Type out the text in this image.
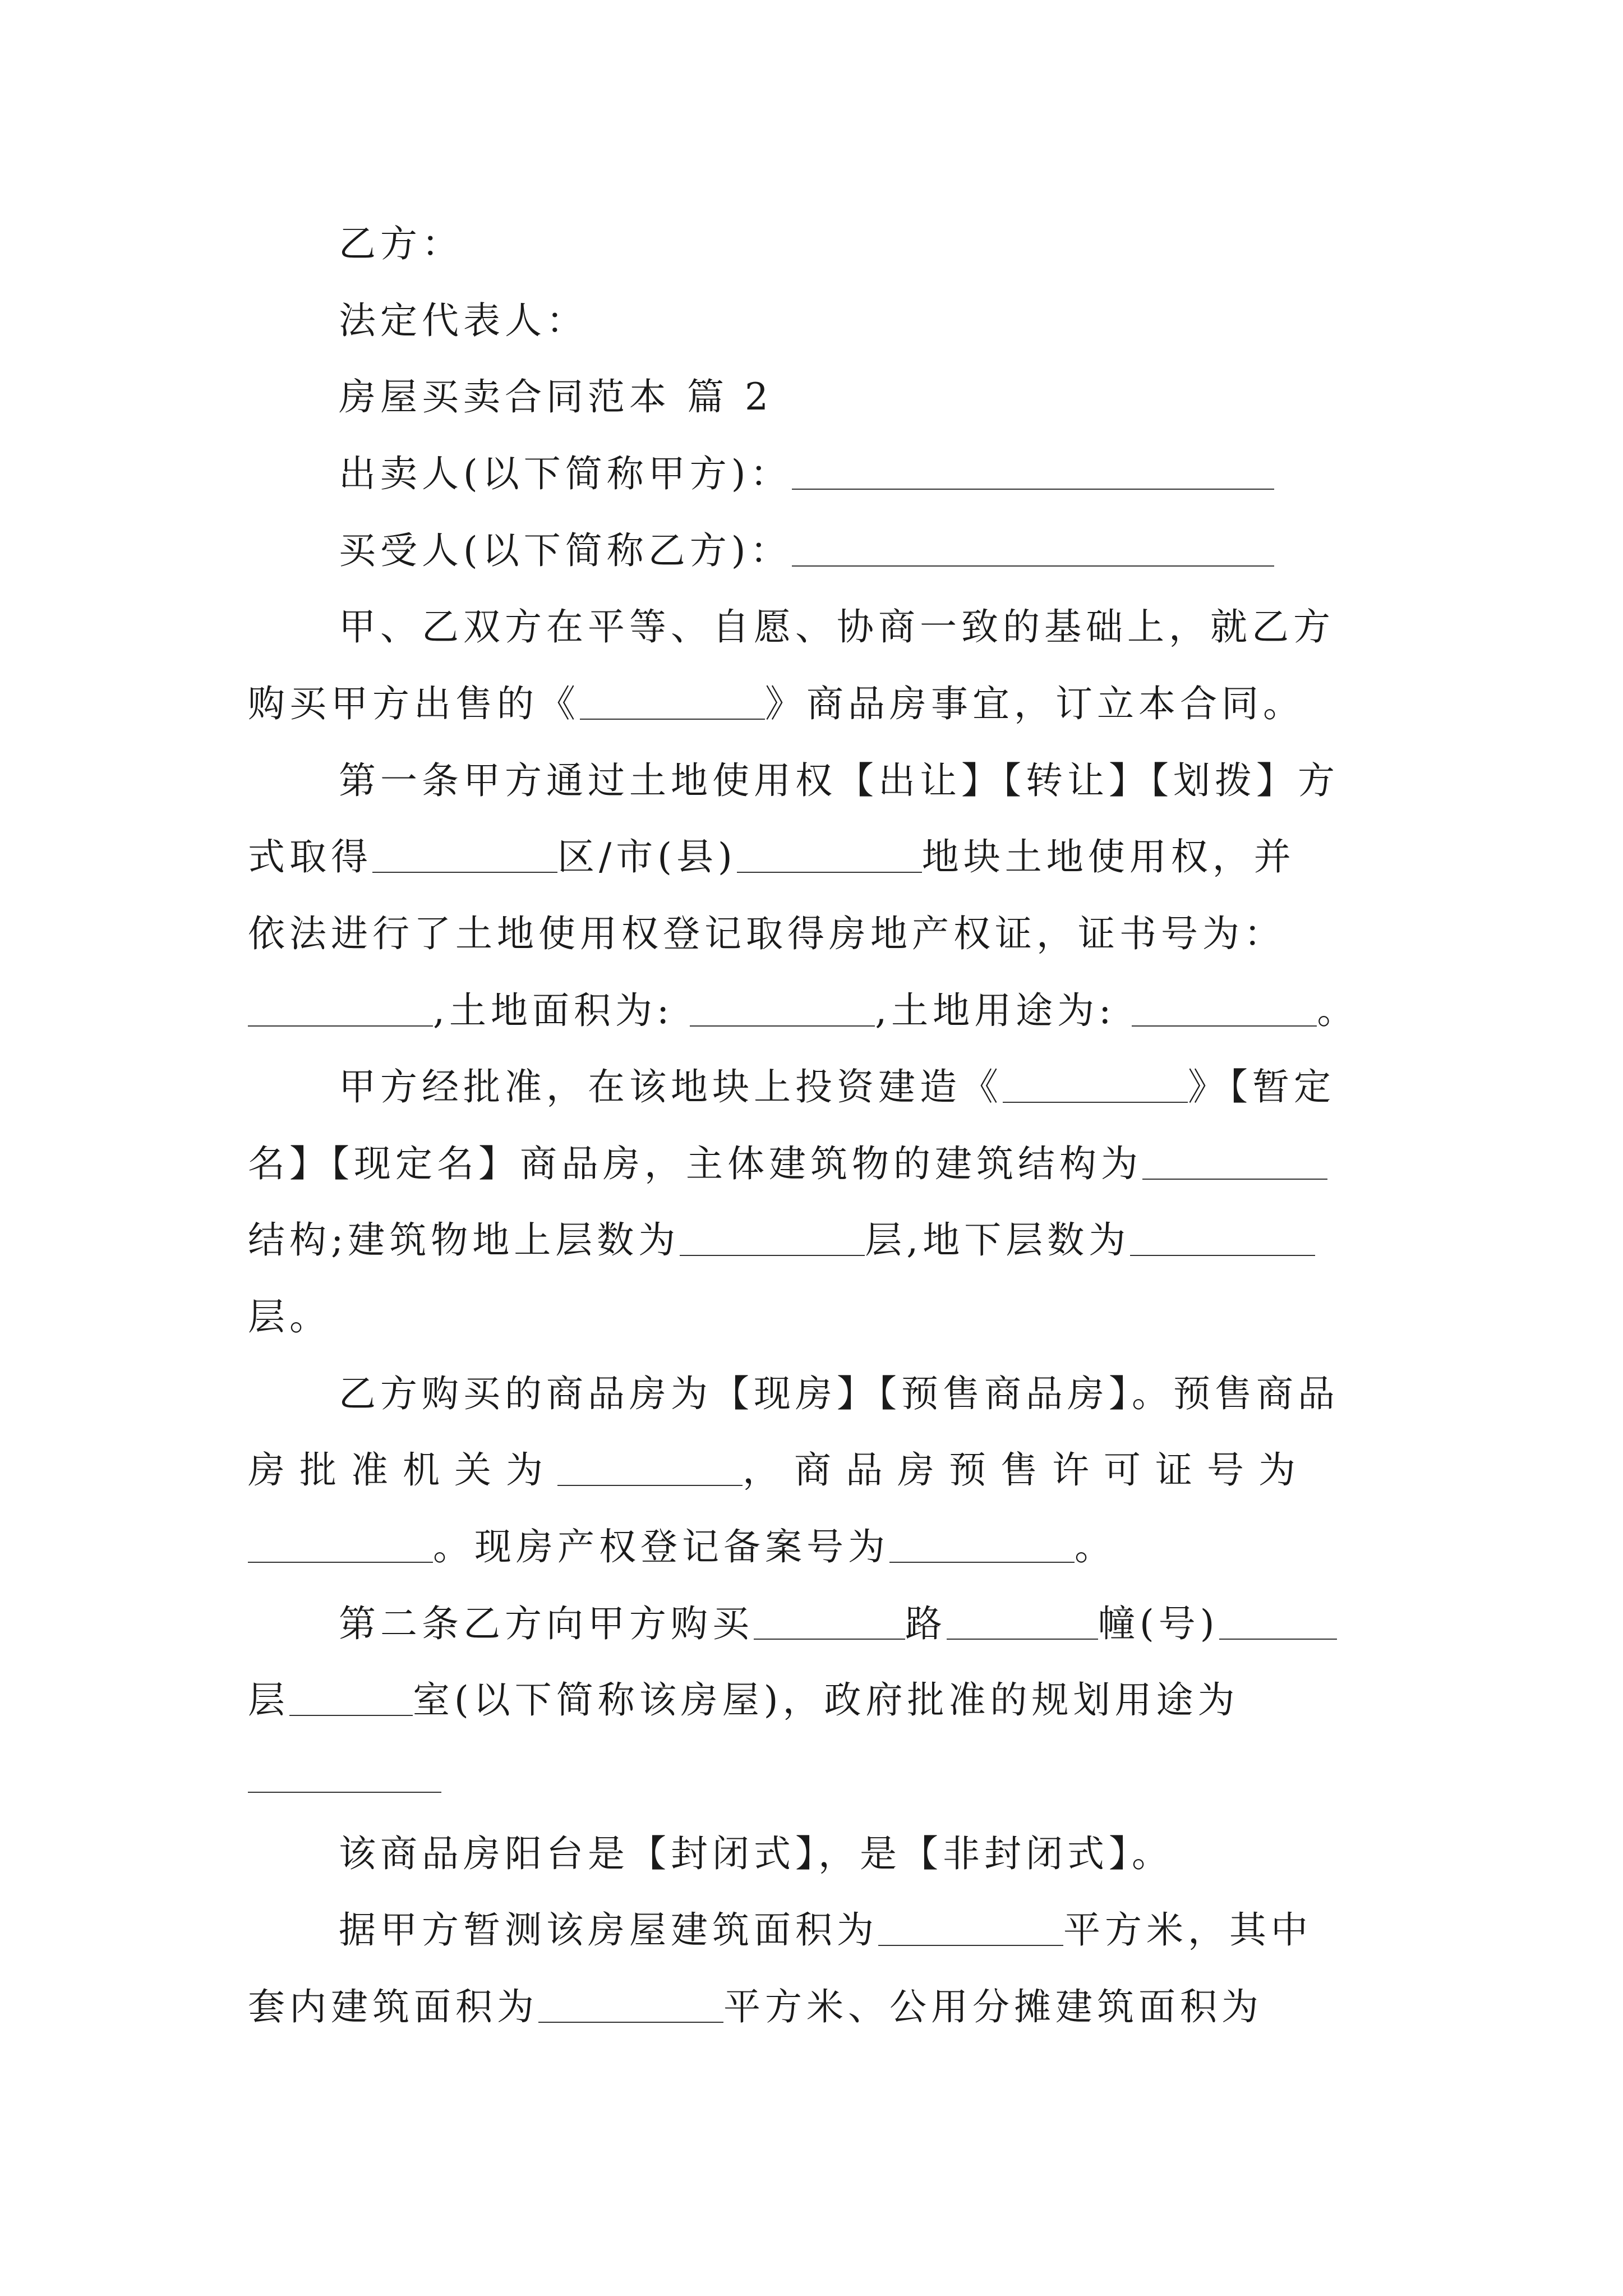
乙方：
法定代表人：
房屋买卖合同范本 篇 2
出卖人(以下简称甲方)：
买受人(以下简称乙方)：
甲、乙双方在平等、自愿、协商一致的基础上，就乙方
购买甲方出售的《	》商品房事宜，订立本合同。
第一条甲方通过土地使用权【出让】【转让】【划拨】方
式取得	区/市(县)	地块土地使用权，并
依法进行了土地使用权登记取得房地产权证，证书号为：
,土地面积为:	,土地用途为:	。
甲方经批准，在该地块上投资建造《	》【暂定
名】【现定名】商品房，主体建筑物的建筑结构为
结构;建筑物地上层数为	层,地下层数为
层。
乙方购买的商品房为【现房】【预售商品房】。预售商品
房批准机关为	，商品房预售许可证号为
。现房产权登记备案号为	。
第二条乙方向甲方购买	路	幢(号)
层	室(以下简称该房屋)，政府批准的规划用途为
该商品房阳台是【封闭式】，是【非封闭式】。
据甲方暂测该房屋建筑面积为	平方米，其中
套内建筑面积为	平方米、公用分摊建筑面积为
